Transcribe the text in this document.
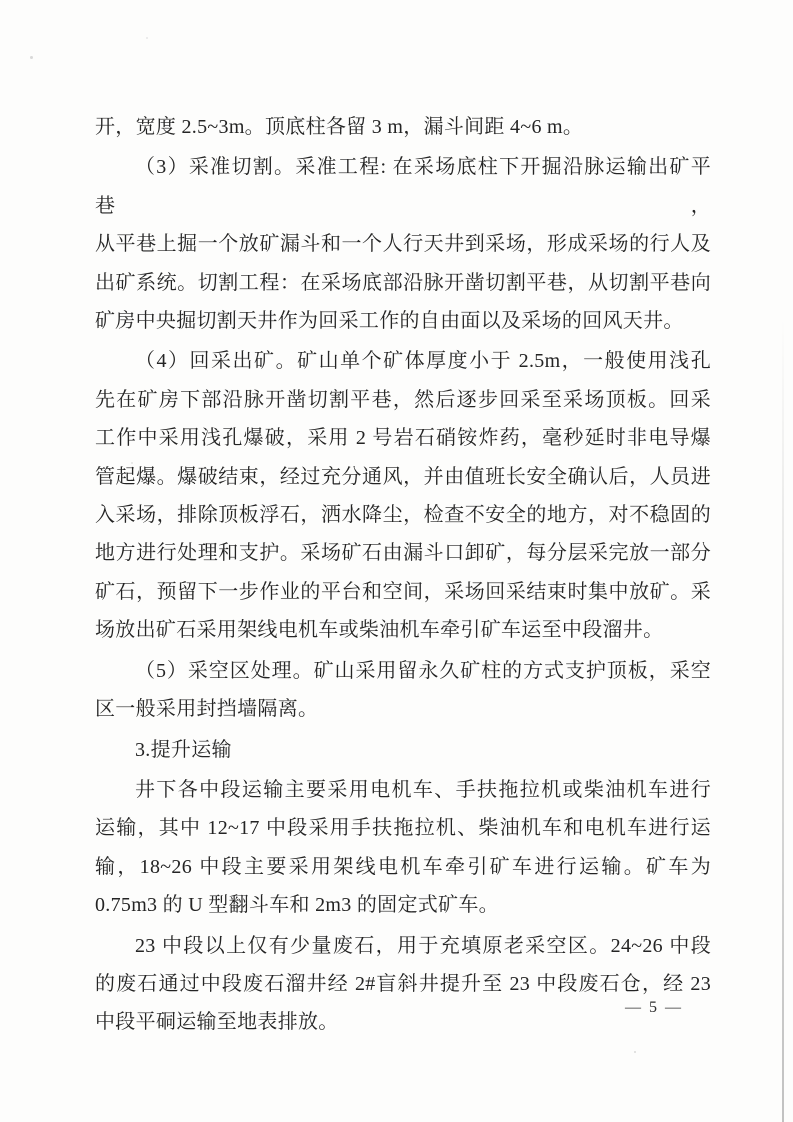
开，宽度 2.5~3m。顶底柱各留 3 m，漏斗间距 4~6 m。
（3）采准切割。采准工程: 在采场底柱下开掘沿脉运输出矿平巷，
从平巷上掘一个放矿漏斗和一个人行天井到采场，形成采场的行人及
出矿系统。切割工程：在采场底部沿脉开凿切割平巷，从切割平巷向
矿房中央掘切割天井作为回采工作的自由面以及采场的回风天井。
（4）回采出矿。矿山单个矿体厚度小于 2.5m，一般使用浅孔
先在矿房下部沿脉开凿切割平巷，然后逐步回采至采场顶板。回采
工作中采用浅孔爆破，采用 2 号岩石硝铵炸药，毫秒延时非电导爆
管起爆。爆破结束，经过充分通风，并由值班长安全确认后，人员进
入采场，排除顶板浮石，洒水降尘，检查不安全的地方，对不稳固的
地方进行处理和支护。采场矿石由漏斗口卸矿，每分层采完放一部分
矿石，预留下一步作业的平台和空间，采场回采结束时集中放矿。采
场放出矿石采用架线电机车或柴油机车牵引矿车运至中段溜井。
（5）采空区处理。矿山采用留永久矿柱的方式支护顶板，采空
区一般采用封挡墙隔离。
3.提升运输
井下各中段运输主要采用电机车、手扶拖拉机或柴油机车进行
运输，其中 12~17 中段采用手扶拖拉机、柴油机车和电机车进行运
输，18~26 中段主要采用架线电机车牵引矿车进行运输。矿车为
0.75m3 的 U 型翻斗车和 2m3 的固定式矿车。
23 中段以上仅有少量废石，用于充填原老采空区。24~26 中段
的废石通过中段废石溜井经 2#盲斜井提升至 23 中段废石仓，经 23
中段平硐运输至地表排放。
— 5 —
